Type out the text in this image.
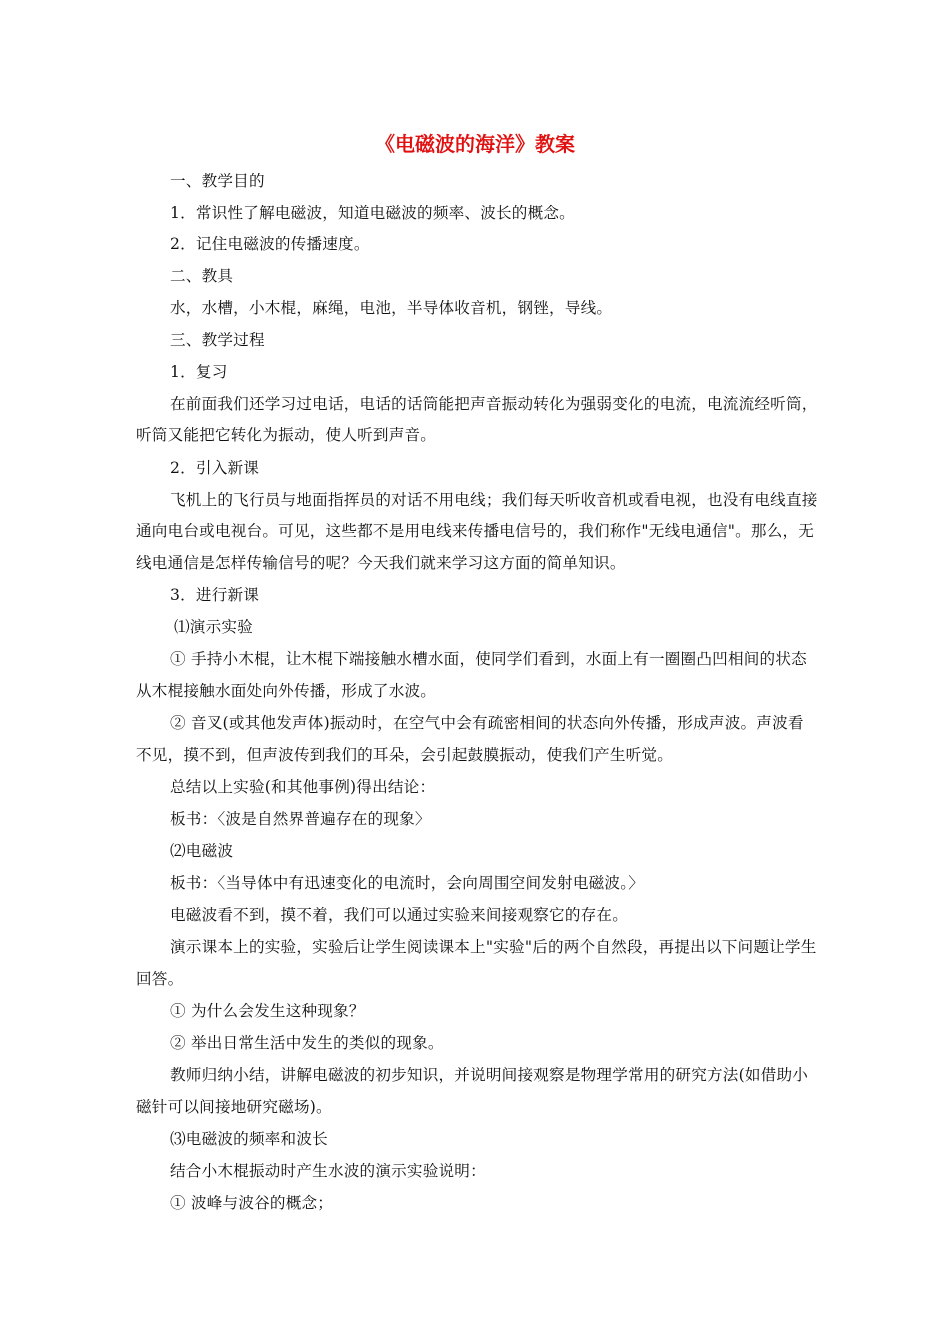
《电磁波的海洋》教案
一、教学目的
1．常识性了解电磁波，知道电磁波的频率、波长的概念。
2．记住电磁波的传播速度。
二、教具
水，水槽，小木棍，麻绳，电池，半导体收音机，钢锉，导线。
三、教学过程
1．复习
在前面我们还学习过电话，电话的话筒能把声音振动转化为强弱变化的电流，电流流经听筒，
听筒又能把它转化为振动，使人听到声音。
2．引入新课
飞机上的飞行员与地面指挥员的对话不用电线；我们每天听收音机或看电视，也没有电线直接
通向电台或电视台。可见，这些都不是用电线来传播电信号的，我们称作"无线电通信"。那么，无
线电通信是怎样传输信号的呢？今天我们就来学习这方面的简单知识。
3．进行新课
⑴演示实验
① 手持小木棍，让木棍下端接触水槽水面，使同学们看到，水面上有一圈圈凸凹相间的状态
从木棍接触水面处向外传播，形成了水波。
② 音叉(或其他发声体)振动时，在空气中会有疏密相间的状态向外传播，形成声波。声波看
不见，摸不到，但声波传到我们的耳朵，会引起鼓膜振动，使我们产生听觉。
总结以上实验(和其他事例)得出结论：
板书：〈波是自然界普遍存在的现象〉
⑵电磁波
板书：〈当导体中有迅速变化的电流时，会向周围空间发射电磁波。〉
电磁波看不到，摸不着，我们可以通过实验来间接观察它的存在。
演示课本上的实验，实验后让学生阅读课本上"实验"后的两个自然段，再提出以下问题让学生
回答。
① 为什么会发生这种现象？
② 举出日常生活中发生的类似的现象。
教师归纳小结，讲解电磁波的初步知识，并说明间接观察是物理学常用的研究方法(如借助小
磁针可以间接地研究磁场)。
⑶电磁波的频率和波长
结合小木棍振动时产生水波的演示实验说明：
① 波峰与波谷的概念；
